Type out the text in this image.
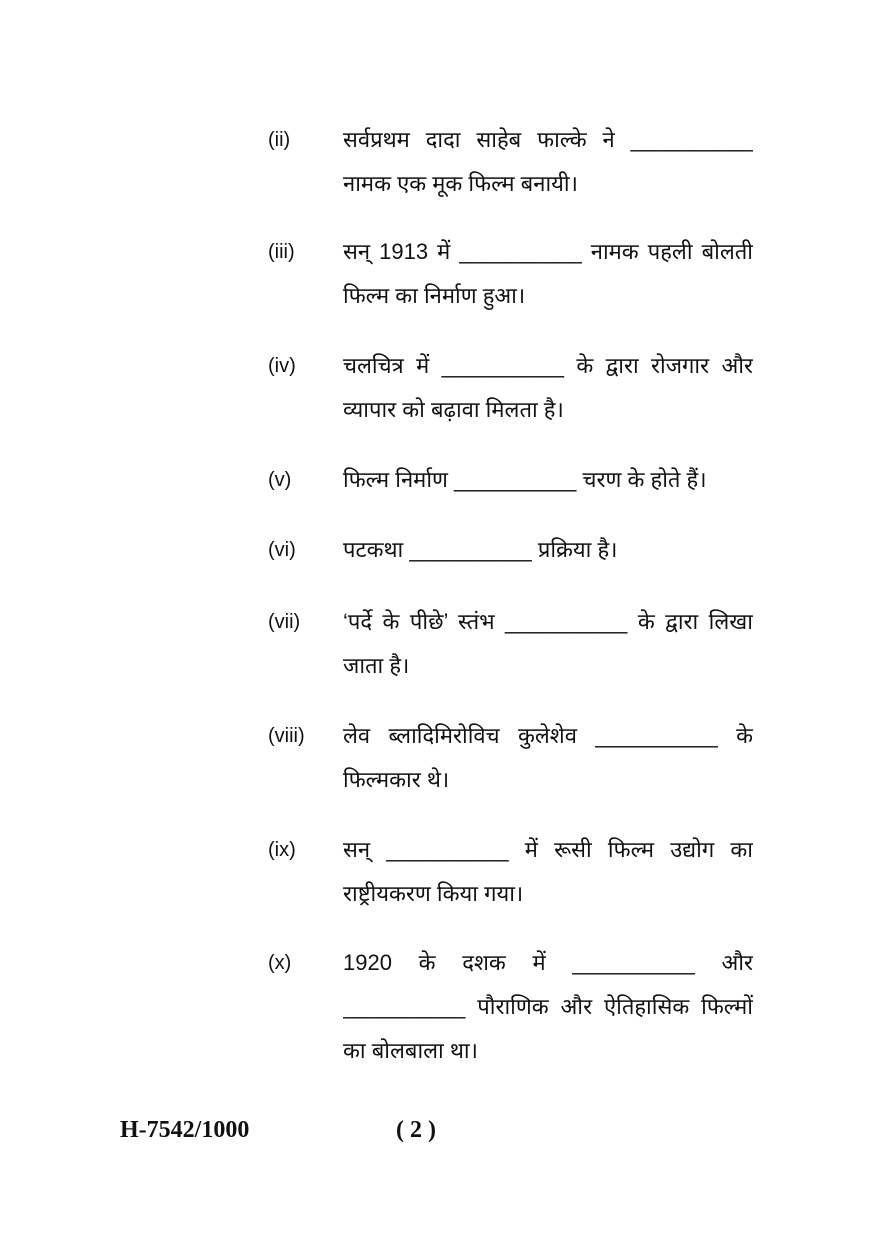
(ii) सर्वप्रथम दादा साहेब फाल्के ने __________
नामक एक मूक फिल्म बनायी।
(iii) सन् 1913 में __________ नामक पहली बोलती
फिल्म का निर्माण हुआ।
(iv) चलचित्र में __________ के द्वारा रोजगार और
व्यापार को बढ़ावा मिलता है।
(v) फिल्म निर्माण __________ चरण के होते हैं।
(vi) पटकथा __________ प्रक्रिया है।
(vii) ‘पर्दे के पीछे’ स्तंभ __________ के द्वारा लिखा
जाता है।
(viii) लेव ब्लादिमिरोविच कुलेशेव __________ के
फिल्मकार थे।
(ix) सन् __________ में रूसी फिल्म उद्योग का
राष्ट्रीयकरण किया गया।
(x) 1920 के दशक में __________ और
__________ पौराणिक और ऐतिहासिक फिल्मों
का बोलबाला था।
H-7542/1000	( 2 )
